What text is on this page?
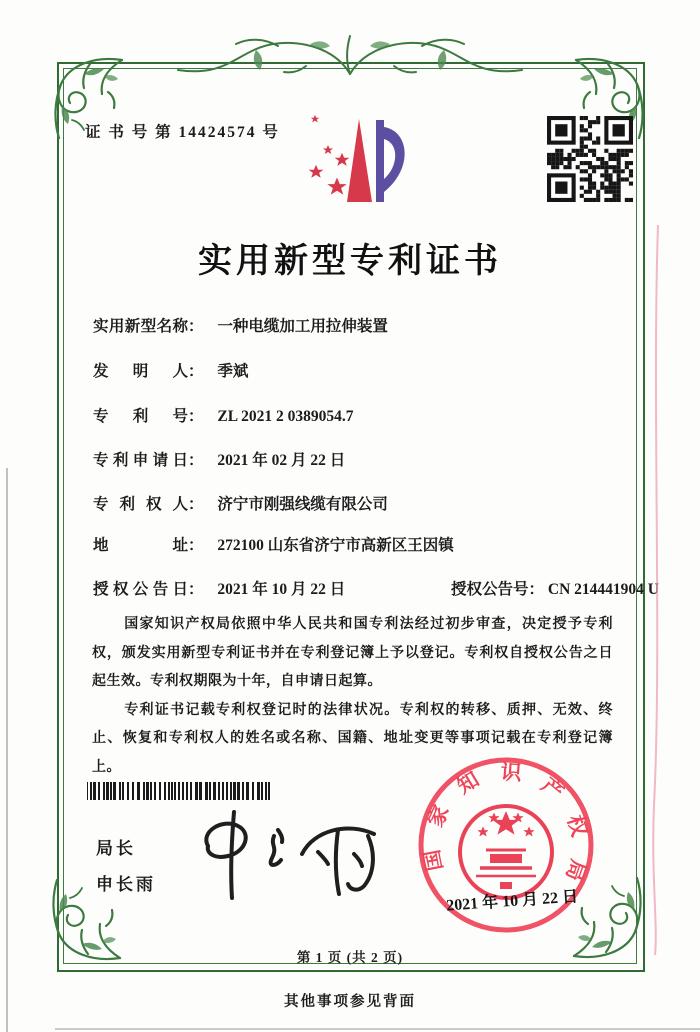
证 书 号 第 14424574 号
实用新型专利证书
实用新型名称： 一种电缆加工用拉伸装置
发明人： 季斌
专利号： ZL 2021 2 0389054.7
专利申请日： 2021 年 02 月 22 日
专利权人： 济宁市刚强线缆有限公司
地址： 272100 山东省济宁市高新区王因镇
授权公告日： 2021 年 10 月 22 日	授权公告号： CN 214441904 U

国家知识产权局依照中华人民共和国专利法经过初步审查，决定授予专利权，颁发实用新型专利证书并在专利登记簿上予以登记。专利权自授权公告之日起生效。专利权期限为十年，自申请日起算。

专利证书记载专利权登记时的法律状况。专利权的转移、质押、无效、终止、恢复和专利权人的姓名或名称、国籍、地址变更等事项记载在专利登记簿上。

局长
申长雨
国家知识产权局
2021 年 10 月 22 日
第 1 页 (共 2 页)
其他事项参见背面
